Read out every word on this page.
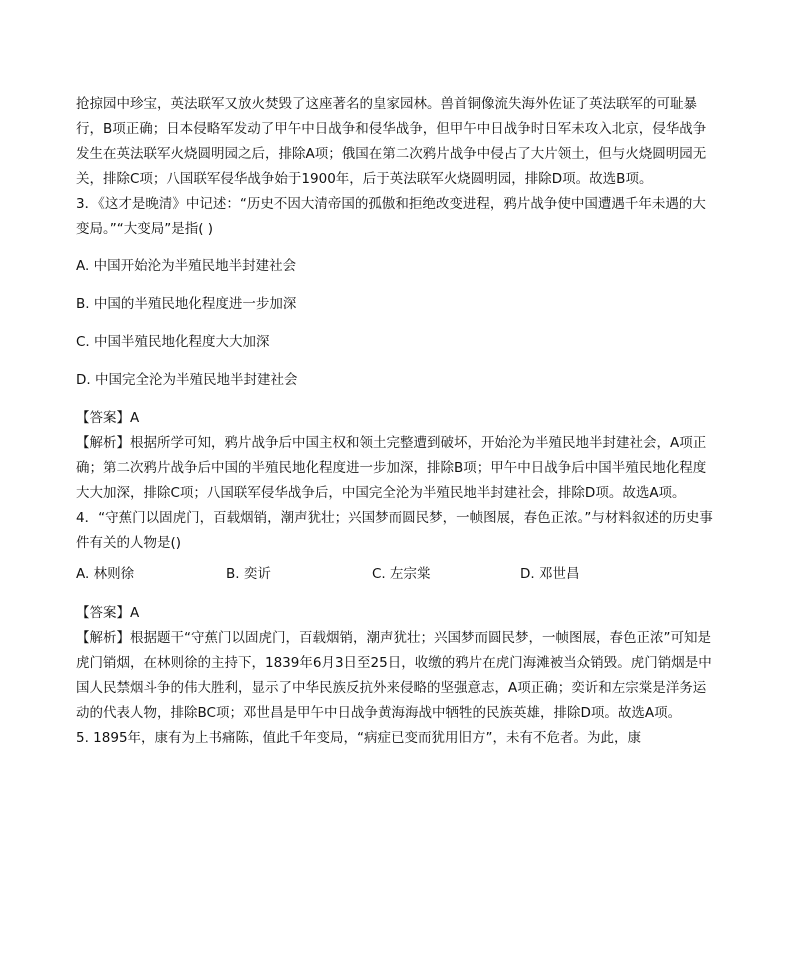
抢掠园中珍宝，英法联军又放火焚毁了这座著名的皇家园林。兽首铜像流失海外佐证了英法联军的可耻暴行，B项正确；日本侵略军发动了甲午中日战争和侵华战争，但甲午中日战争时日军未攻入北京，侵华战争发生在英法联军火烧圆明园之后，排除A项；俄国在第二次鸦片战争中侵占了大片领土，但与火烧圆明园无关，排除C项；八国联军侵华战争始于1900年，后于英法联军火烧圆明园，排除D项。故选B项。

3．《这才是晚清》中记述：“历史不因大清帝国的孤傲和拒绝改变进程，鸦片战争使中国遭遇千年未遇的大变局。”“大变局”是指( )

A. 中国开始沦为半殖民地半封建社会

B. 中国的半殖民地化程度进一步加深

C. 中国半殖民地化程度大大加深

D. 中国完全沦为半殖民地半封建社会

【答案】A

【解析】根据所学可知，鸦片战争后中国主权和领土完整遭到破坏，开始沦为半殖民地半封建社会，A项正确；第二次鸦片战争后中国的半殖民地化程度进一步加深，排除B项；甲午中日战争后中国半殖民地化程度大大加深，排除C项；八国联军侵华战争后，中国完全沦为半殖民地半封建社会，排除D项。故选A项。

4．“守蕉门以固虎门，百载烟销，潮声犹壮；兴国梦而圆民梦，一帧图展，春色正浓。”与材料叙述的历史事件有关的人物是()

A. 林则徐	B. 奕䜣	C. 左宗棠	D. 邓世昌

【答案】A

【解析】根据题干“守蕉门以固虎门，百载烟销，潮声犹壮；兴国梦而圆民梦，一帧图展，春色正浓”可知是虎门销烟，在林则徐的主持下，1839年6月3日至25日，收缴的鸦片在虎门海滩被当众销毁。虎门销烟是中国人民禁烟斗争的伟大胜利，显示了中华民族反抗外来侵略的坚强意志，A项正确；奕䜣和左宗棠是洋务运动的代表人物，排除BC项；邓世昌是甲午中日战争黄海海战中牺牲的民族英雄，排除D项。故选A项。

5. 1895年，康有为上书痛陈，值此千年变局，“病症已变而犹用旧方”，未有不危者。为此，康
